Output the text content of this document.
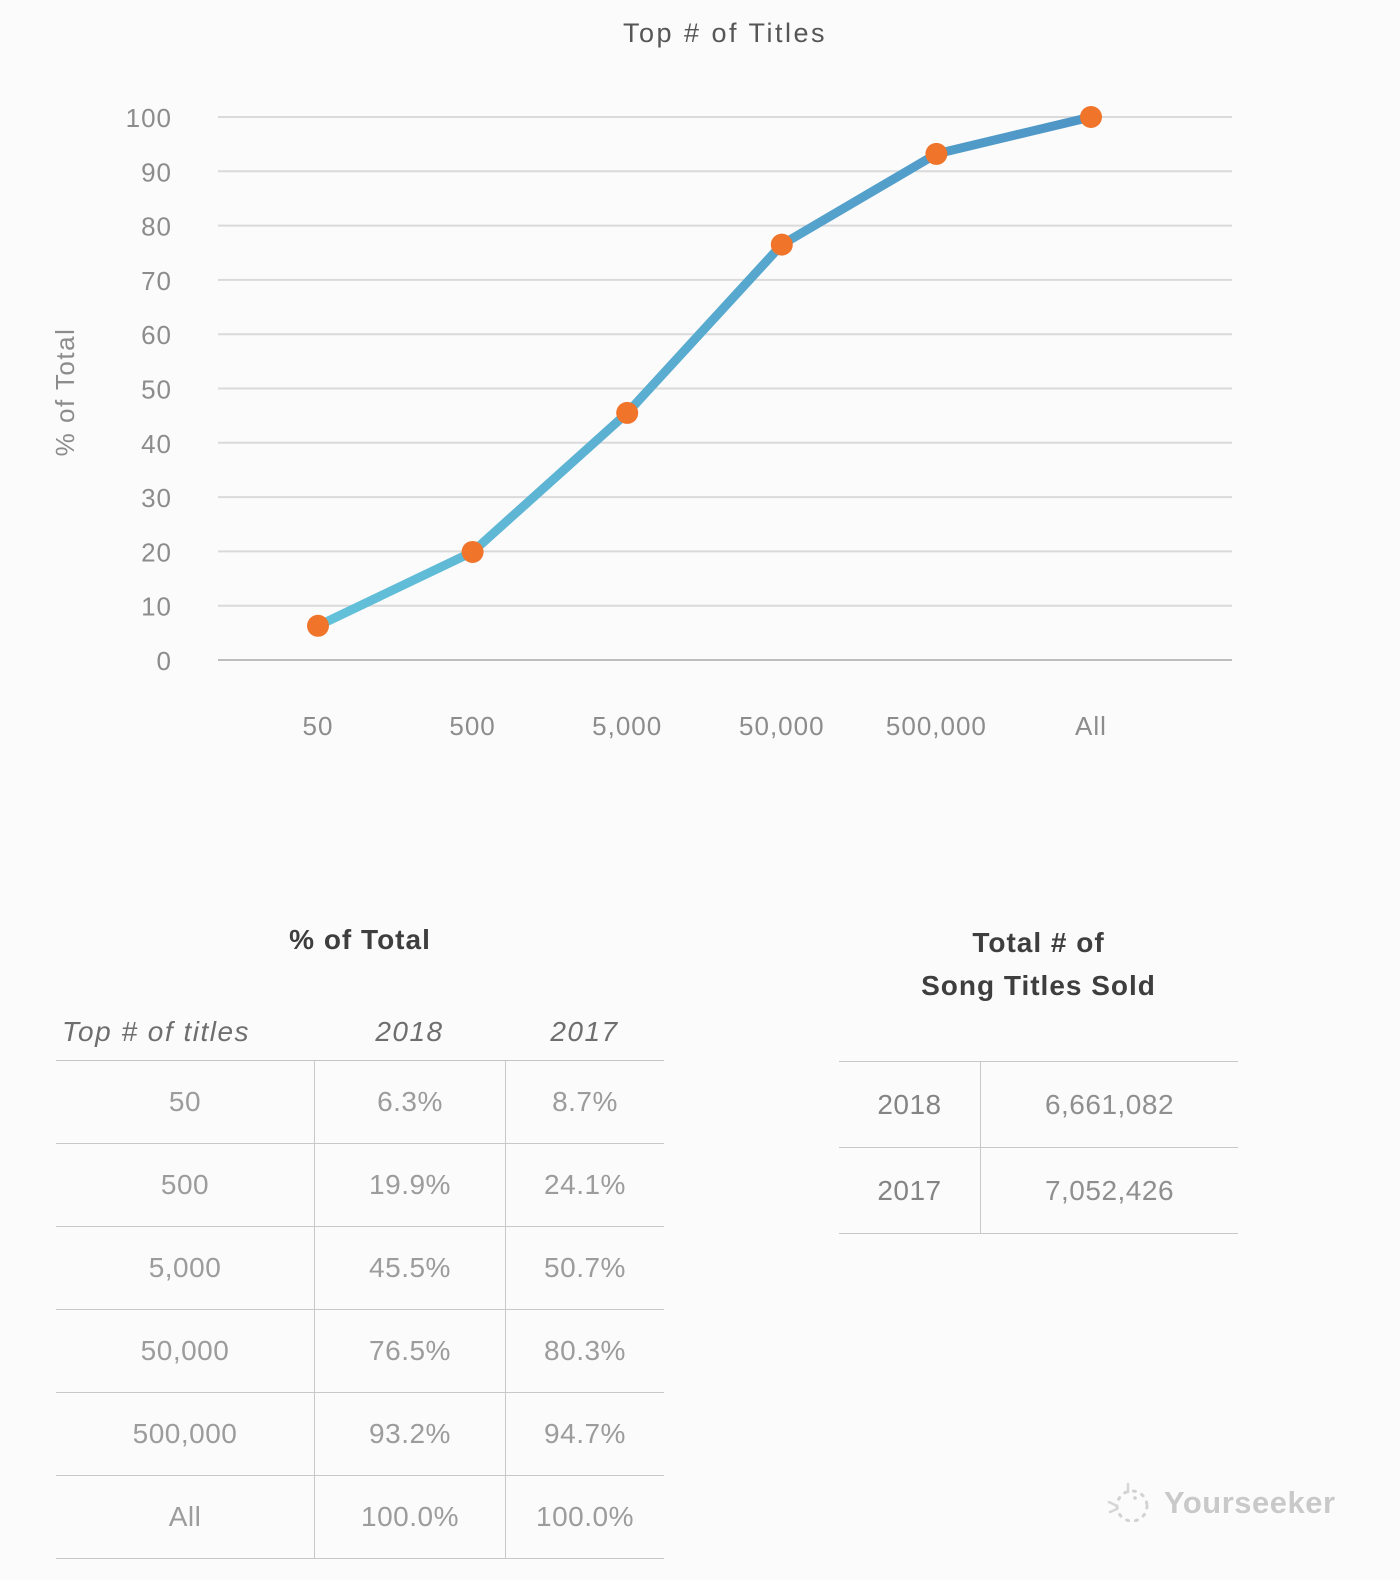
Top # of Titles
0
10
20
30
40
50
60
70
80
90
100
% of Total
50	500	5,000	50,000 500,000	All
% of Total
Top # of titles	2018	2017
50	6.3%	8.7%
500	19.9%	24.1%
5,000	45.5%	50.7%
50,000	76.5%	80.3%
500,000	93.2%	94.7%
All	100.0%	100.0%
Total # of
Song Titles Sold
2018	6,661,082
2017	7,052,426
Yourseeker
